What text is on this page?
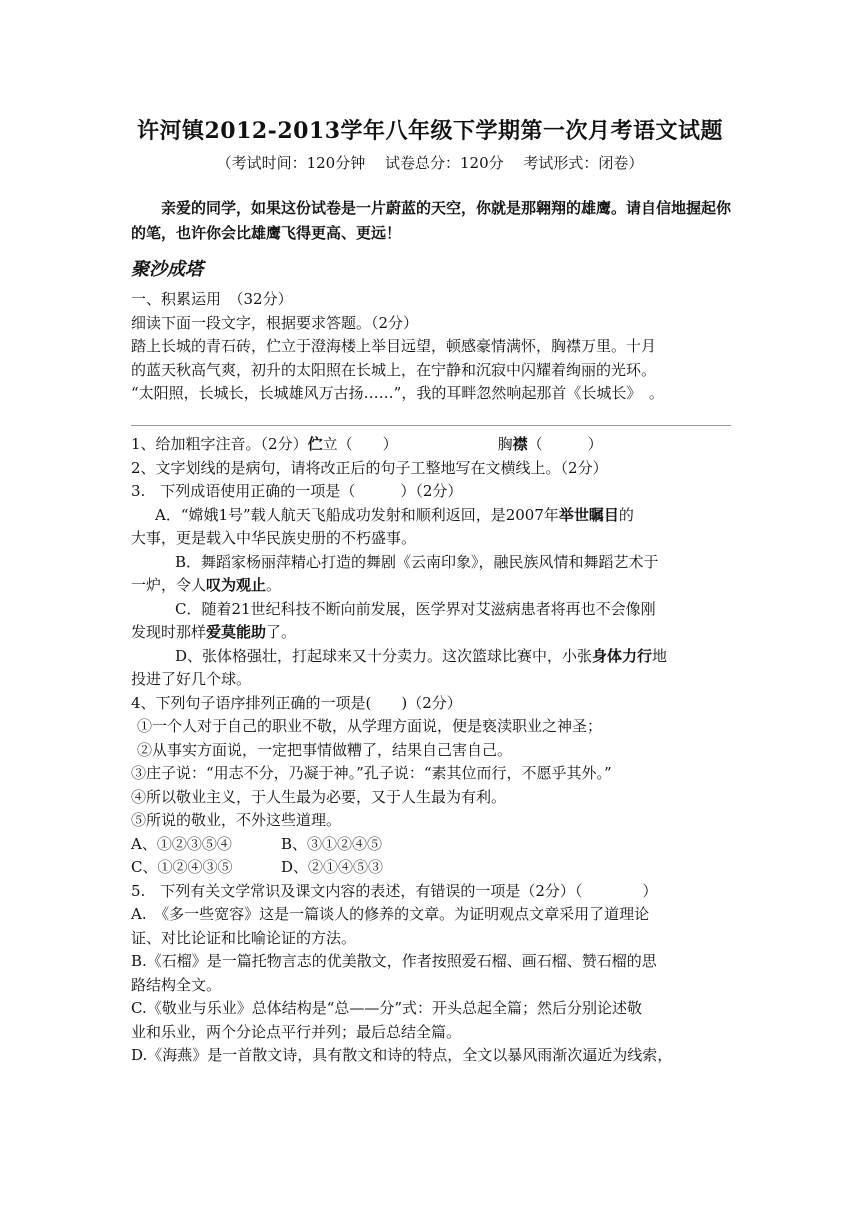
许河镇2012-2013学年八年级下学期第一次月考语文试题
（考试时间：120分钟　 试卷总分：120分　 考试形式：闭卷）
亲爱的同学，如果这份试卷是一片蔚蓝的天空，你就是那翱翔的雄鹰。请自信地握起你的笔，也许你会比雄鹰飞得更高、更远！
聚沙成塔
一、积累运用　（32分）
细读下面一段文字，根据要求答题。（2分）
踏上长城的青石砖，伫立于澄海楼上举目远望，顿感豪情满怀，胸襟万里。十月
的蓝天秋高气爽，初升的太阳照在长城上，在宁静和沉寂中闪耀着绚丽的光环。
“太阳照，长城长，长城雄风万古扬……”，我的耳畔忽然响起那首《长城长》　。
1、给加粗字注音。（2分）伫立（　　）	胸襟（　　　）
2、文字划线的是病句，请将改正后的句子工整地写在文横线上。（2分）
3.　下列成语使用正确的一项是（　　　）（2分）
A．“嫦娥1号”载人航天飞船成功发射和顺利返回，是2007年举世瞩目的
大事，更是载入中华民族史册的不朽盛事。
B．舞蹈家杨丽萍精心打造的舞剧《云南印象》，融民族风情和舞蹈艺术于
一炉，令人叹为观止。
C．随着21世纪科技不断向前发展，医学界对艾滋病患者将再也不会像刚
发现时那样爱莫能助了。
D、张体格强壮，打起球来又十分卖力。这次篮球比赛中，小张身体力行地
投进了好几个球。
4、下列句子语序排列正确的一项是(　　)（2分）
①一个人对于自己的职业不敬，从学理方面说，便是亵渎职业之神圣；
②从事实方面说，一定把事情做糟了，结果自己害自己。
③庄子说：“用志不分，乃凝于神。”孔子说：“素其位而行，不愿乎其外。”
④所以敬业主义，于人生最为必要，又于人生最为有利。
⑤所说的敬业，不外这些道理。
A、①②③⑤④	B、③①②④⑤
C、①②④③⑤	D、②①④⑤③
5.　下列有关文学常识及课文内容的表述，有错误的一项是（2分）（　　　　）
A.　《多一些宽容》这是一篇谈人的修养的文章。为证明观点文章采用了道理论
证、对比论证和比喻论证的方法。
B.《石榴》是一篇托物言志的优美散文，作者按照爱石榴、画石榴、赞石榴的思
路结构全文。
C.《敬业与乐业》总体结构是“总——分”式：开头总起全篇；然后分别论述敬
业和乐业，两个分论点平行并列；最后总结全篇。
D.《海燕》是一首散文诗，具有散文和诗的特点，全文以暴风雨渐次逼近为线索，
